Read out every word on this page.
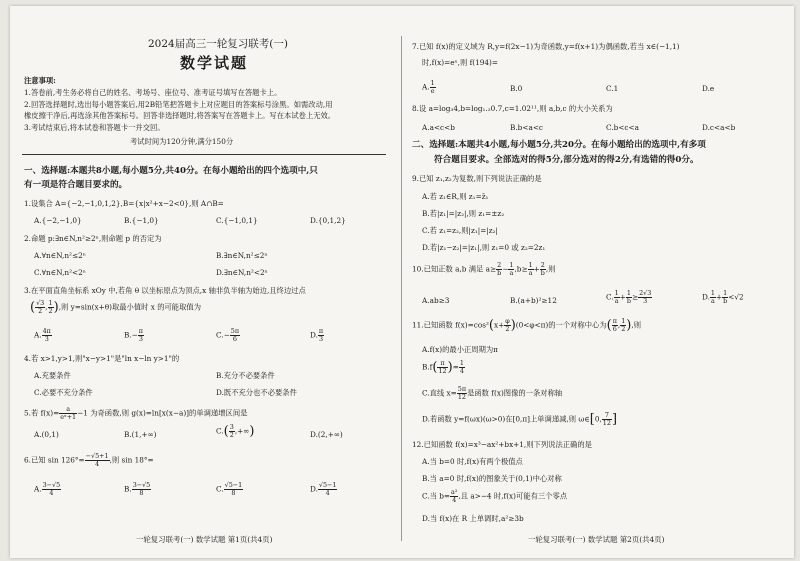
2024届高三一轮复习联考(一)
数学试题
注意事项:
1.答卷前,考生务必将自己的姓名、考场号、座位号、准考证号填写在答题卡上。
2.回答选择题时,选出每小题答案后,用2B铅笔把答题卡上对应题目的答案标号涂黑。如需改动,用
橡皮擦干净后,再选涂其他答案标号。回答非选择题时,将答案写在答题卡上。写在本试卷上无效。
3.考试结束后,将本试卷和答题卡一并交回。
考试时间为120分钟,满分150分
一、选择题:本题共8小题,每小题5分,共40分。在每小题给出的四个选项中,只
有一项是符合题目要求的。
1.设集合 A={−2,−1,0,1,2},B={x|x²+x−2<0},则 A∩B=
A.{−2,−1,0}	B.{−1,0}	C.{−1,0,1}	D.{0,1,2}
2.命题 p:∃n∈N,n²≥2ⁿ,则命题 p 的否定为
A.∀n∈N,n²≤2ⁿ	B.∃n∈N,n²≤2ⁿ
C.∀n∈N,n²<2ⁿ	D.∃n∈N,n²<2ⁿ
3.在平面直角坐标系 xOy 中,若角 θ 以坐标原点为顶点,x 轴非负半轴为始边,且终边过点
( $\frac{√3}{2}$ , $\frac{1}{2}$ ),则 y=sin(x+θ)取最小值时 x 的可能取值为
A. $\frac{4\pi}{3}$	$B.- \frac{\pi}{3}$	$C.- \frac{5\pi}{6}$	D. $\frac{\pi}{3}$
4.若 x>1,y>1,则"x−y>1"是"ln x−ln y>1"的
A.充要条件	B.充分不必要条件
C.必要不充分条件	D.既不充分也不必要条件
5.若 $f(x)= \frac{a}{\text{eˣ+1}} -1$ 为奇函数,则 g(x)=ln[x(x−a)]的单调递增区间是
A.(0,1)	B.(1,+∞)	$C.( \frac{3}{2}$ ,+∞)	D.(2,+∞)
6.已知 $\sin 126^\circ= \frac{-√5+1}{4}$ ,则 sin 18°=
A. $\frac{3-√5}{4}$	B. $\frac{3-√5}{8}$	C. $\frac{√5-1}{8}$	D. $\frac{√5-1}{4}$
一轮复习联考(一) 数学试题 第1页(共4页)
7.已知 f(x)的定义域为 R,y=f(2x−1)为奇函数,y=f(x+1)为偶函数,若当 x∈(−1,1)
时,f(x)=eˣ,则 f(194)=
A. $\frac{1}{e}$	B.0	C.1	D.e
8.设 a=log₃4,b=log₁.₂0.7,c=1.02¹¹,则 a,b,c 的大小关系为
A.a<c<b	B.b<a<c	C.b<c<a	D.c<a<b
二、选择题:本题共4小题,每小题5分,共20分。在每小题给出的选项中,有多项
符合题目要求。全部选对的得5分,部分选对的得2分,有选错的得0分。
9.已知 z₁,z₂为复数,则下列说法正确的是
A.若 z₁∈R,则 z₁=z̄₁
B.若|z₁|=|z₂|,则 z₁=±z₂
C.若 z₁=z₂,则|z₁|=|z₂|
D.若|z₁−z₂|=|z₁|,则 z₁=0 或 z₂=2z₁
10.已知正数 a,b 满足 $a\ge \frac{2}{b} - \frac{1}{a} ,b\ge \frac{1}{a} + \frac{2}{b}$ ,则
A.ab≥3	B.(a+b)²≥12	C. $\frac{1}{a} + \frac{1}{b} \ge \frac{2√3}{3}$	D. $\frac{1}{a} + \frac{1}{b} <√2$
11.已知函数 $f(x)=\cos^2(x+ \frac{\varphi}{2} )(0<\varphi<\pi)$的一个对称中心为( $\frac{\pi}{6}$ , $\frac{1}{2}$ ),则
A.f(x)的最小正周期为π
$B.f( \frac{\pi}{12}$ )= $\frac{1}{4}$
C.直线 $x= \frac{5\pi}{12}$ 是函数 f(x)图像的一条对称轴
D.若函数 y=f(ωx)(ω>0)在[0,π]上单调递减,则 ω∈[0, $\frac{7}{12}$ ]
12.已知函数 f(x)=x³−ax²+bx+1,则下列说法正确的是
A.当 b=0 时,f(x)有两个极值点
B.当 a=0 时,f(x)的图象关于(0,1)中心对称
C.当 $b= \frac{\text{a²}}{4}$ ,且 a>−4 时,f(x)可能有三个零点
D.当 f(x)在 R 上单调时,a²≥3b
一轮复习联考(一) 数学试题 第2页(共4页)
